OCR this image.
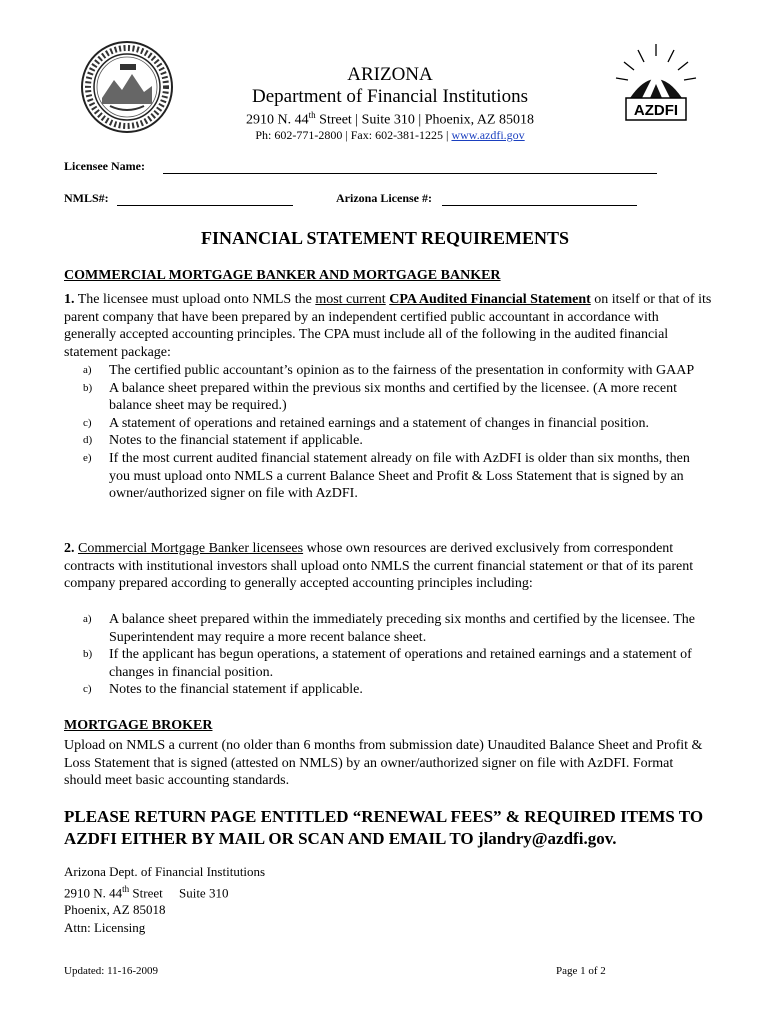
AZDFI
ARIZONA
Department of Financial Institutions
2910 N. 44th Street | Suite 310 | Phoenix, AZ 85018
Ph: 602-771-2800 | Fax: 602-381-1225 | www.azdfi.gov
Licensee Name:
NMLS#:	Arizona License #:
FINANCIAL STATEMENT REQUIREMENTS
COMMERCIAL MORTGAGE BANKER AND MORTGAGE BANKER
1. The licensee must upload onto NMLS the most current CPA Audited Financial Statement on itself or that of its parent company that have been prepared by an independent certified public accountant in accordance with generally accepted accounting principles. The CPA must include all of the following in the audited financial statement package:
a) The certified public accountant’s opinion as to the fairness of the presentation in conformity with GAAP
b) A balance sheet prepared within the previous six months and certified by the licensee. (A more recent balance sheet may be required.)
c) A statement of operations and retained earnings and a statement of changes in financial position.
d) Notes to the financial statement if applicable.
e) If the most current audited financial statement already on file with AzDFI is older than six months, then you must upload onto NMLS a current Balance Sheet and Profit & Loss Statement that is signed by an owner/authorized signer on file with AzDFI.
2. Commercial Mortgage Banker licensees whose own resources are derived exclusively from correspondent contracts with institutional investors shall upload onto NMLS the current financial statement or that of its parent company prepared according to generally accepted accounting principles including:
a) A balance sheet prepared within the immediately preceding six months and certified by the licensee. The Superintendent may require a more recent balance sheet.
b) If the applicant has begun operations, a statement of operations and retained earnings and a statement of changes in financial position.
c) Notes to the financial statement if applicable.
MORTGAGE BROKER
Upload on NMLS a current (no older than 6 months from submission date) Unaudited Balance Sheet and Profit & Loss Statement that is signed (attested on NMLS) by an owner/authorized signer on file with AzDFI. Format should meet basic accounting standards.
PLEASE RETURN PAGE ENTITLED “RENEWAL FEES” & REQUIRED ITEMS TO AZDFI EITHER BY MAIL OR SCAN AND EMAIL TO jlandry@azdfi.gov.
Arizona Dept. of Financial Institutions
2910 N. 44th Street     Suite 310
Phoenix, AZ 85018
Attn: Licensing
Updated: 11-16-2009	Page 1 of 2
